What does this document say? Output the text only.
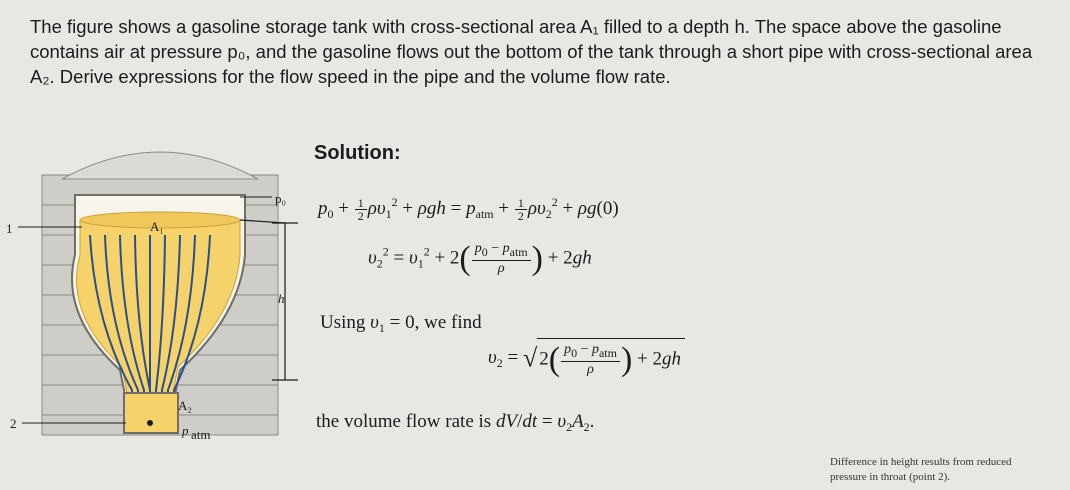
The figure shows a gasoline storage tank with cross-sectional area A₁ filled to a depth h. The space above the gasoline contains air at pressure p₀, and the gasoline flows out the bottom of the tank through a short pipe with cross-sectional area A₂. Derive expressions for the flow speed in the pipe and the volume flow rate.

p₀
A₁
1
h
A₂
2	p atm

Solution:

$p_0 + \frac{1}{2} \rho\upsilon_1^2 + \rho gh = p_{atm} + \frac{1}{2} \rho\upsilon_2^2 + \rho g(0)$
$\upsilon_2^2 = \upsilon_1^2 + 2( \frac{\text{p0 − patm}}{\rho}$ ) + 2gh
Using $\upsilon_1 = 0$, we find
$\upsilon_2$ = √ $2( \frac{\text{p0 − patm}}{\rho}$ ) + 2gh
the volume flow rate is $dV/dt = \upsilon_2A_2$.
Difference in height results from reduced pressure in throat (point 2).
